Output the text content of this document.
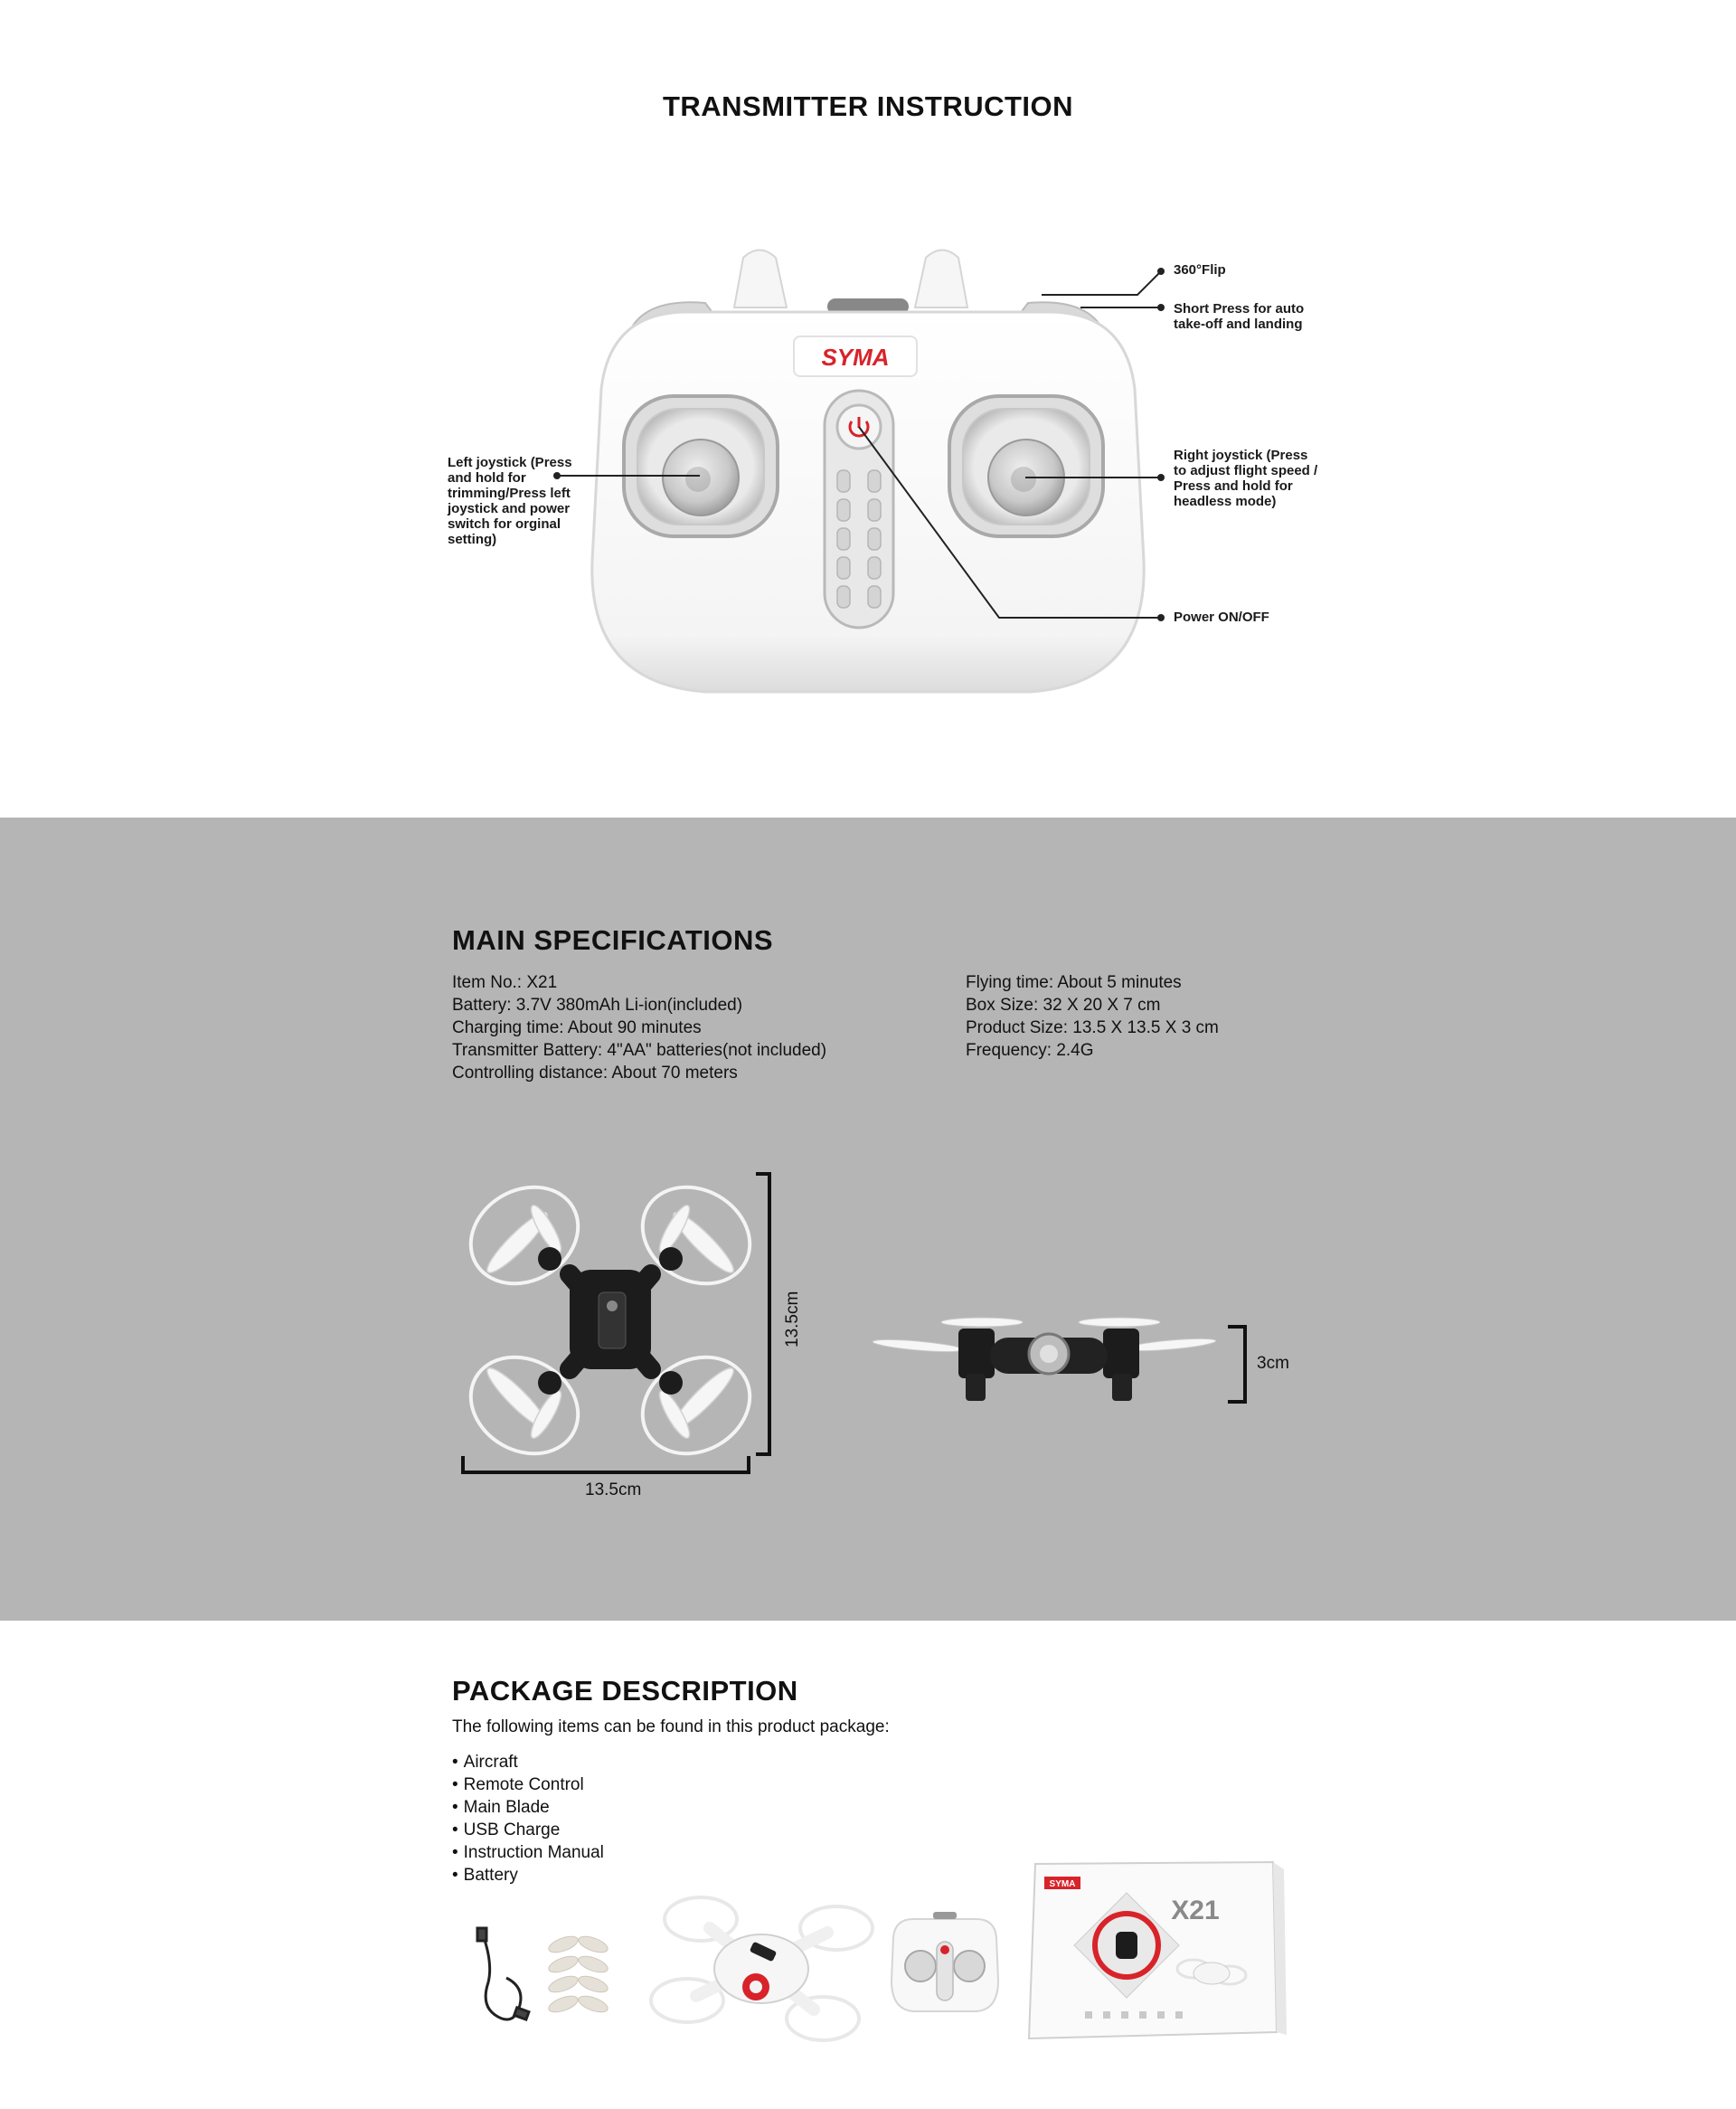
TRANSMITTER INSTRUCTION
SYMA
360°Flip
Short Press for auto
take-off and landing
Left joystick (Press
and hold for
trimming/Press left
joystick and power
switch for orginal
setting)
Right joystick (Press
to adjust flight speed /
Press and hold for
headless mode)
Power ON/OFF
MAIN SPECIFICATIONS
Item No.: X21
Battery: 3.7V 380mAh Li-ion(included)
Charging time: About 90 minutes
Transmitter Battery: 4"AA" batteries(not included)
Controlling distance: About 70 meters
Flying time: About 5 minutes
Box Size: 32 X 20 X 7 cm
Product Size: 13.5 X 13.5 X 3 cm
Frequency: 2.4G
13.5cm
13.5cm
3cm
PACKAGE DESCRIPTION
The following items can be found in this product package:
• Aircraft
• Remote Control
• Main Blade
• USB Charge
• Instruction Manual
• Battery	SYMA
X21
